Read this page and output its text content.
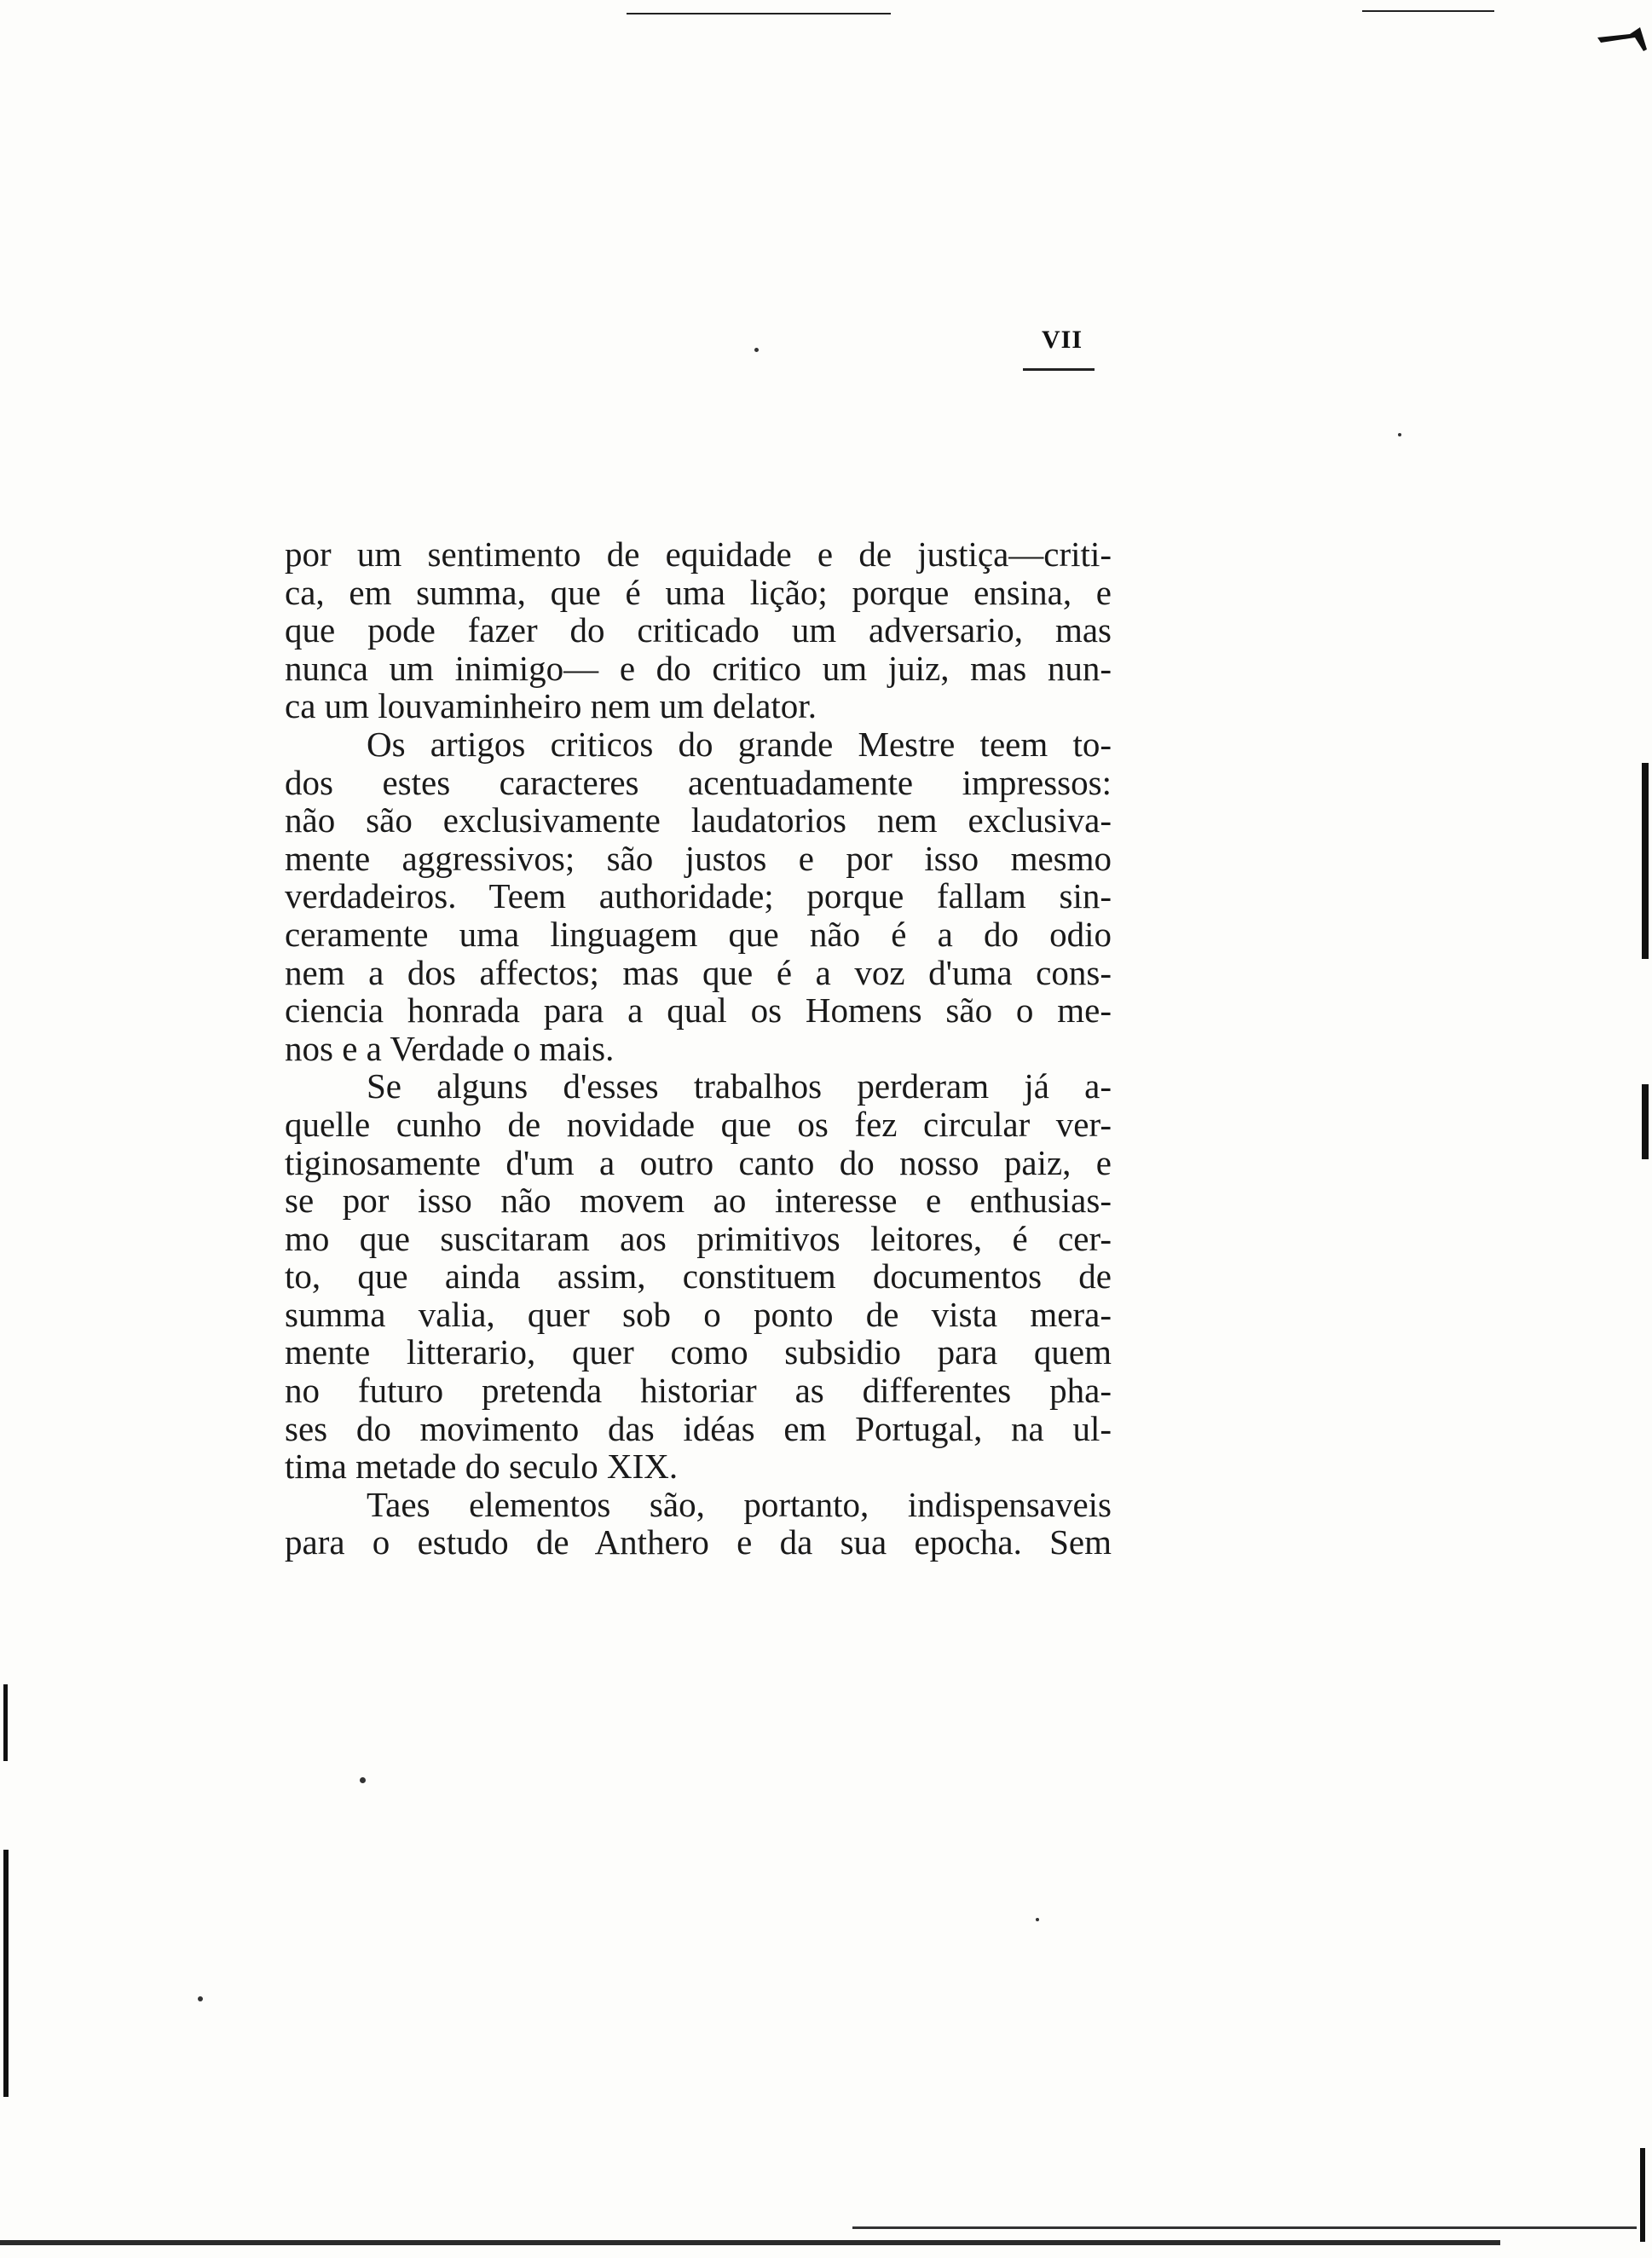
VII
por um sentimento de equidade e de justiça—criti-
ca, em summa, que é uma lição; porque ensina, e
que pode fazer do criticado um adversario, mas
nunca um inimigo— e do critico um juiz, mas nun-
ca um louvaminheiro nem um delator.
Os artigos criticos do grande Mestre teem to-
dos estes caracteres acentuadamente impressos:
não são exclusivamente laudatorios nem exclusiva-
mente aggressivos; são justos e por isso mesmo
verdadeiros. Teem authoridade; porque fallam sin-
ceramente uma linguagem que não é a do odio
nem a dos affectos; mas que é a voz d'uma cons-
ciencia honrada para a qual os Homens são o me-
nos e a Verdade o mais.
Se alguns d'esses trabalhos perderam já a-
quelle cunho de novidade que os fez circular ver-
tiginosamente d'um a outro canto do nosso paiz, e
se por isso não movem ao interesse e enthusias-
mo que suscitaram aos primitivos leitores, é cer-
to, que ainda assim, constituem documentos de
summa valia, quer sob o ponto de vista mera-
mente litterario, quer como subsidio para quem
no futuro pretenda historiar as differentes pha-
ses do movimento das idéas em Portugal, na ul-
tima metade do seculo XIX.
Taes elementos são, portanto, indispensaveis
para o estudo de Anthero e da sua epocha. Sem
